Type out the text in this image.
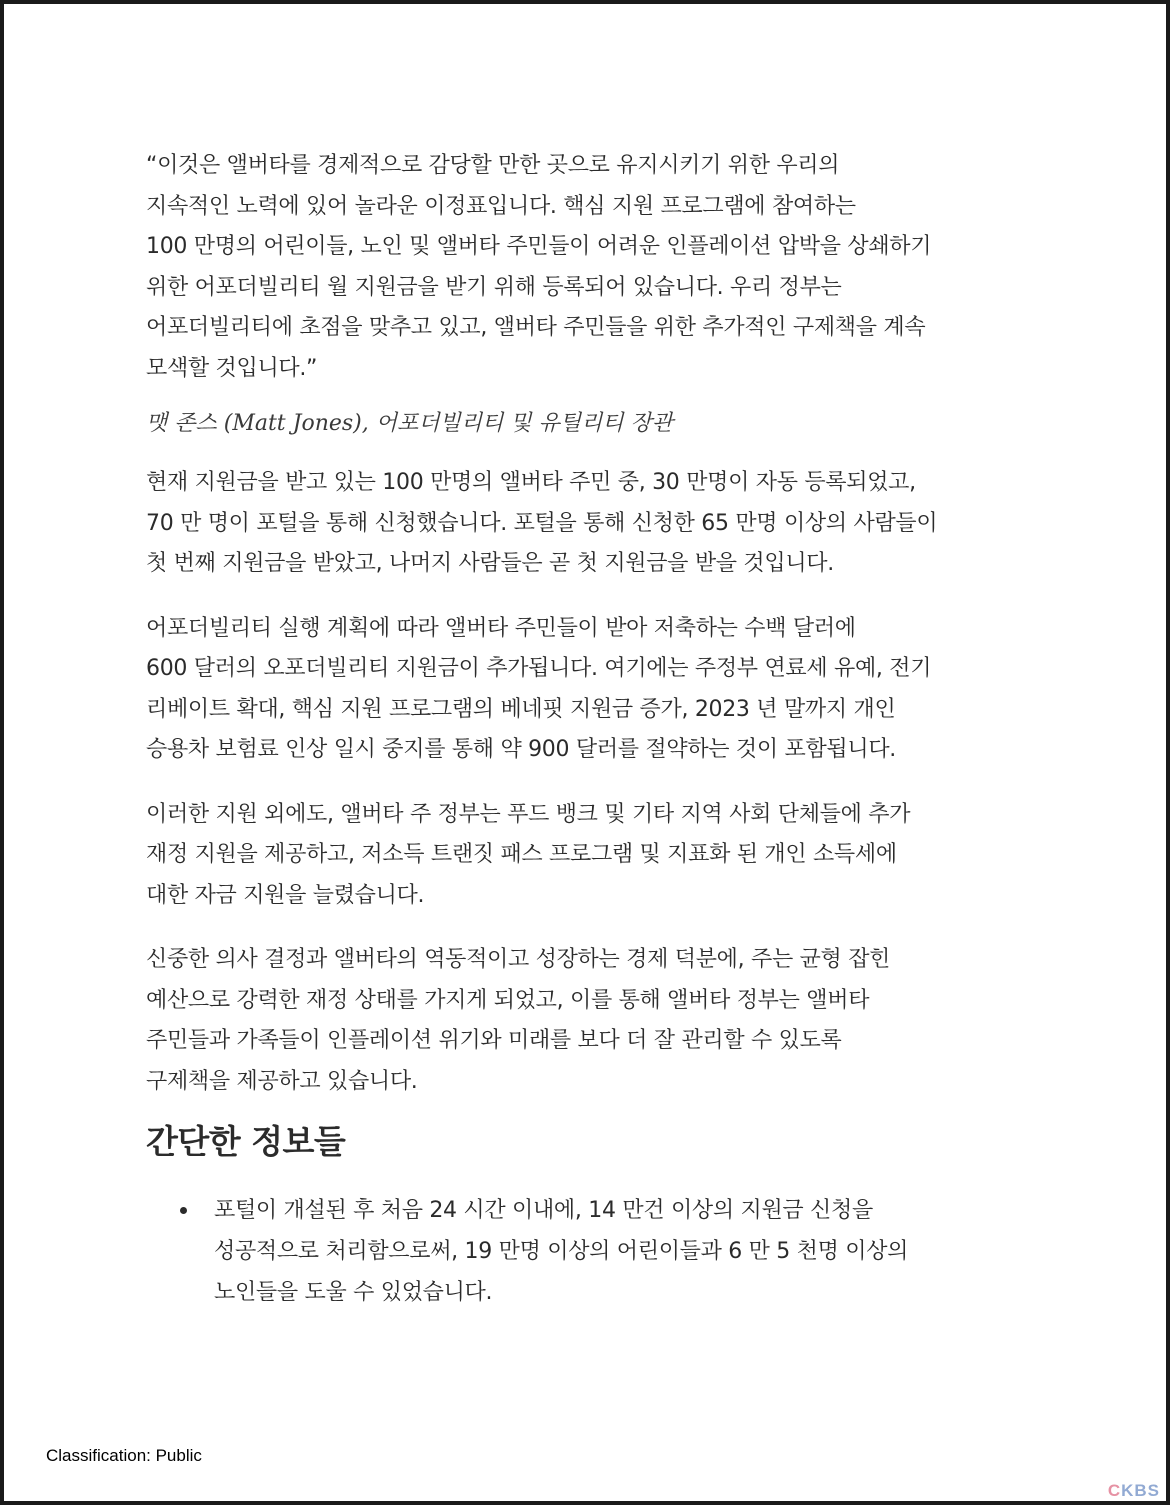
“이것은 앨버타를 경제적으로 감당할 만한 곳으로 유지시키기 위한 우리의
지속적인 노력에 있어 놀라운 이정표입니다. 핵심 지원 프로그램에 참여하는
100 만명의 어린이들, 노인 및 앨버타 주민들이 어려운 인플레이션 압박을 상쇄하기
위한 어포더빌리티 월 지원금을 받기 위해 등록되어 있습니다. 우리 정부는
어포더빌리티에 초점을 맞추고 있고, 앨버타 주민들을 위한 추가적인 구제책을 계속
모색할 것입니다.”
맷 존스 (Matt Jones), 어포더빌리티 및 유틸리티 장관
현재 지원금을 받고 있는 100 만명의 앨버타 주민 중, 30 만명이 자동 등록되었고,
70 만 명이 포털을 통해 신청했습니다. 포털을 통해 신청한 65 만명 이상의 사람들이
첫 번째 지원금을 받았고, 나머지 사람들은 곧 첫 지원금을 받을 것입니다.
어포더빌리티 실행 계획에 따라 앨버타 주민들이 받아 저축하는 수백 달러에
600 달러의 오포더빌리티 지원금이 추가됩니다. 여기에는 주정부 연료세 유예, 전기
리베이트 확대, 핵심 지원 프로그램의 베네핏 지원금 증가, 2023 년 말까지 개인
승용차 보험료 인상 일시 중지를 통해 약 900 달러를 절약하는 것이 포함됩니다.
이러한 지원 외에도, 앨버타 주 정부는 푸드 뱅크 및 기타 지역 사회 단체들에 추가
재정 지원을 제공하고, 저소득 트랜짓 패스 프로그램 및 지표화 된 개인 소득세에
대한 자금 지원을 늘렸습니다.
신중한 의사 결정과 앨버타의 역동적이고 성장하는 경제 덕분에, 주는 균형 잡힌
예산으로 강력한 재정 상태를 가지게 되었고, 이를 통해 앨버타 정부는 앨버타
주민들과 가족들이 인플레이션 위기와 미래를 보다 더 잘 관리할 수 있도록
구제책을 제공하고 있습니다.
간단한 정보들
포털이 개설된 후 처음 24 시간 이내에, 14 만건 이상의 지원금 신청을
성공적으로 처리함으로써, 19 만명 이상의 어린이들과 6 만 5 천명 이상의
노인들을 도울 수 있었습니다.
Classification: Public
CKBS
